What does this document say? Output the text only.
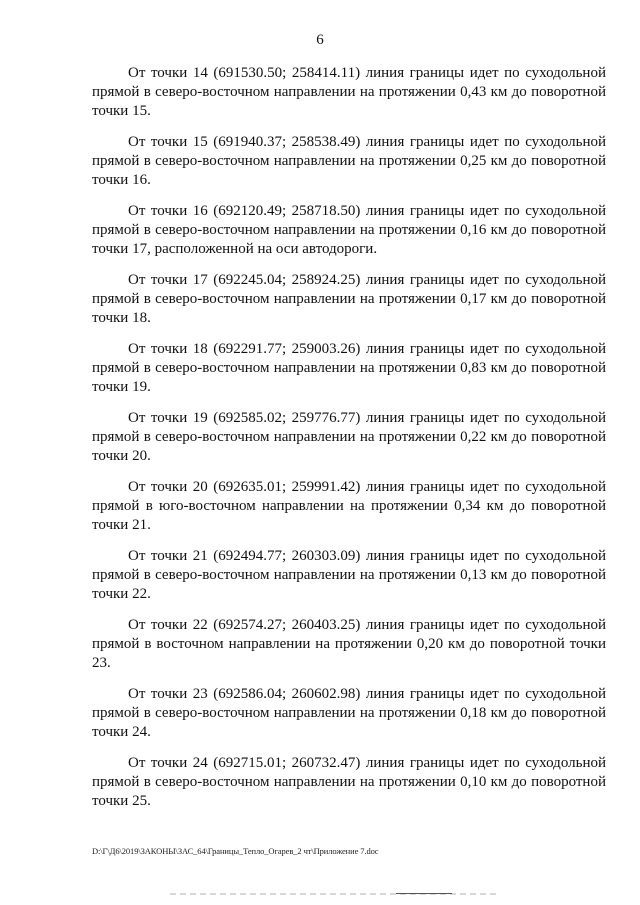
6

От точки 14 (691530.50; 258414.11) линия границы идет по суходольной прямой в северо-восточном направлении на протяжении 0,43 км до поворотной точки 15.

От точки 15 (691940.37; 258538.49) линия границы идет по суходольной прямой в северо-восточном направлении на протяжении 0,25 км до поворотной точки 16.

От точки 16 (692120.49; 258718.50) линия границы идет по суходольной прямой в северо-восточном направлении на протяжении 0,16 км до поворотной точки 17, расположенной на оси автодороги.

От точки 17 (692245.04; 258924.25) линия границы идет по суходольной прямой в северо-восточном направлении на протяжении 0,17 км до поворотной точки 18.

От точки 18 (692291.77; 259003.26) линия границы идет по суходольной прямой в северо-восточном направлении на протяжении 0,83 км до поворотной точки 19.

От точки 19 (692585.02; 259776.77) линия границы идет по суходольной прямой в северо-восточном направлении на протяжении 0,22 км до поворотной точки 20.

От точки 20 (692635.01; 259991.42) линия границы идет по суходольной прямой в юго-восточном направлении на протяжении 0,34 км до поворотной точки 21.

От точки 21 (692494.77; 260303.09) линия границы идет по суходольной прямой в северо-восточном направлении на протяжении 0,13 км до поворотной точки 22.

От точки 22 (692574.27; 260403.25) линия границы идет по суходольной прямой в восточном направлении на протяжении 0,20 км до поворотной точки 23.

От точки 23 (692586.04; 260602.98) линия границы идет по суходольной прямой в северо-восточном направлении на протяжении 0,18 км до поворотной точки 24.

От точки 24 (692715.01; 260732.47) линия границы идет по суходольной прямой в северо-восточном направлении на протяжении 0,10 км до поворотной точки 25.

D:\Г\Д6\2019\ЗАКОНЫ\ЗАС_64\Границы_Тепло_Огарев_2 чт\Приложение 7.doc
